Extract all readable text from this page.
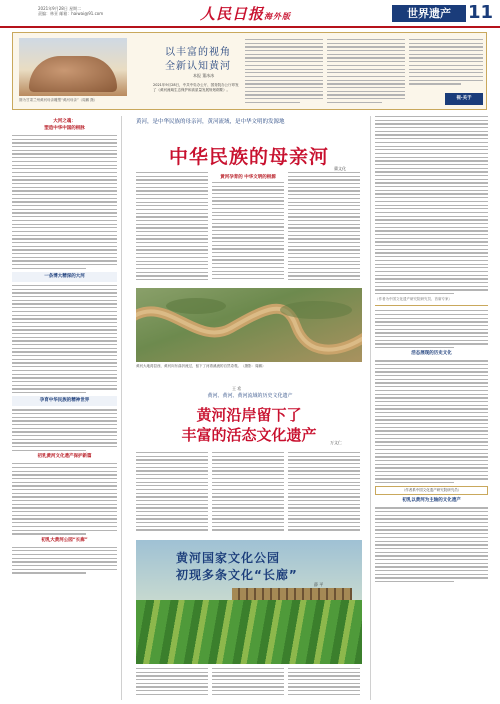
2021年9月28日 星期二
责编：林亚 邮箱：haiwai@91.com	人民日报海外版	世界遗产 11
图为甘肃兰州黄河母亲雕塑“黄河母亲”（周鹏 摄）
以丰富的视角
全新认知黄河
本报 董冰冰
2021年9月28日，中共中央办公厅、国务院办公厅印发了《黄河流域生态保护和高质量发展规划纲要》。
视·关于
大河之魂：
塑造中华中国的根脉
一条博大精深的大河
孕育中华民族的精神世界
初乳黄河文化遗产保护新篇
初乳大黄河公园“长廊”
（作者为中国文化遗产研究院研究员、首席专家）
活态展现的历史文化
（作者系中国文化遗产研究院研究员）
初乳以黄河为主轴的文化遗产
黄河，是中华民族的母亲河，黄河流域，是中华文明的发源地
中华民族的母亲河
冀文化
黄河孕育的 中华文明的根源
黄河大地湾县西，黄河向东曲折流过，留下了河湾溪流的自然奇观。（摄影：周鹏）
王 希
黄河、黄河、黄河流域的历史文化遗产
黄河沿岸留下了
丰富的活态文化遗产	万文仁
黄河国家文化公园
初现多条文化“长廊”
薛 平
